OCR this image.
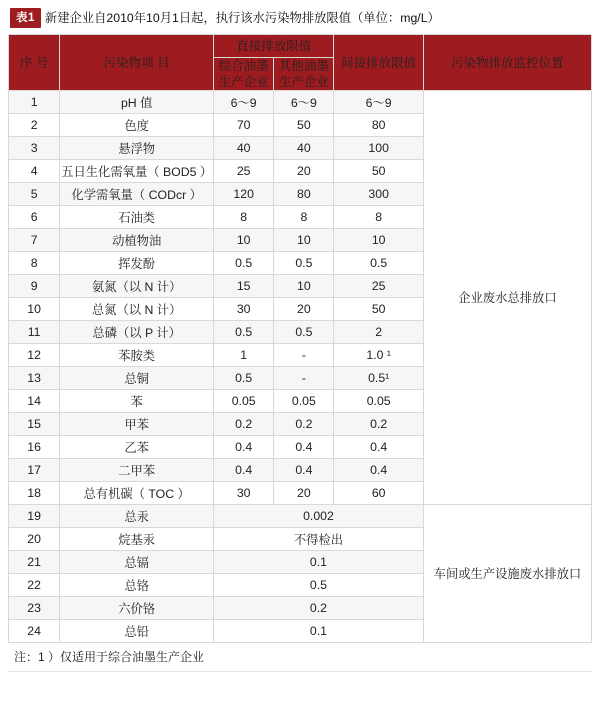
表1 新建企业自2010年10月1日起，执行该水污染物排放限值（单位：mg/L）
序 号	污染物项 目	直接排放限值		间接排放限值	污染物排放监控位置
		综合油墨生产企业	其他油墨生产企业		
1	pH 值	6～9	6～9	6～9	企业废水总排放口
2	色度	70	50	80	
3	悬浮物	40	40	100	
4	五日生化需氧量（ BOD5 ）	25	20	50	
5	化学需氧量（ CODcr ）	120	80	300	
6	石油类	8	8	8	
7	动植物油	10	10	10	
8	挥发酚	0.5	0.5	0.5	
9	氨氮（以 N 计）	15	10	25	
10	总氮（以 N 计）	30	20	50	
11	总磷（以 P 计）	0.5	0.5	2	
12	苯胺类	1	-	1.0 ¹	
13	总铜	0.5	-	0.5¹	
14	苯	0.05	0.05	0.05	
15	甲苯	0.2	0.2	0.2	
16	乙苯	0.4	0.4	0.4	
17	二甲苯	0.4	0.4	0.4	
18	总有机碳（ TOC ）	30	20	60	
19	总汞	0.002			车间或生产设施废水排放口
20	烷基汞	不得检出			
21	总镉	0.1			
22	总铬	0.5			
23	六价铬	0.2			
24	总铅	0.1			
注：1 ）仅适用于综合油墨生产企业
